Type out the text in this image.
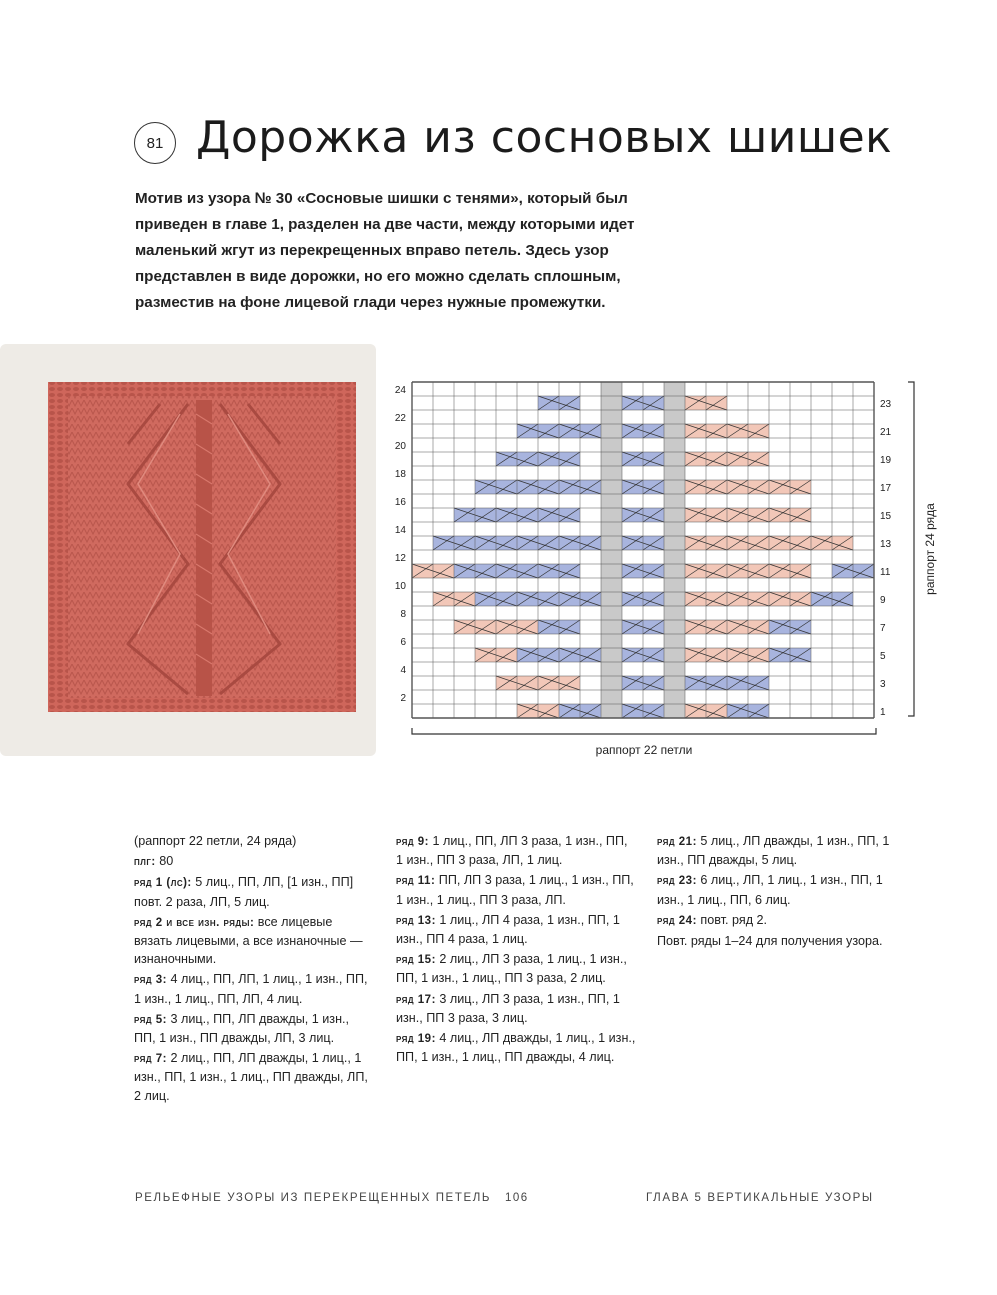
81 Дорожка из сосновых шишек
Мотив из узора № 30 «Сосновые шишки с тенями», который был приведен в главе 1, разделен на две части, между которыми идет маленький жгут из перекрещенных вправо петель. Здесь узор представлен в виде дорожки, но его можно сделать сплошным, разместив на фоне лицевой глади через нужные промежутки.
2
4
6
8
10
12
14
16
18
20
22
24
1
3
5
7
9
11
13
15
17
19
21
23
раппорт 22 петли
раппорт 24 ряда

(раппорт 22 петли, 24 ряда)

плг: 80

ряд 1 (лс): 5 лиц., ПП, ЛП, [1 изн., ПП] повт. 2 раза, ЛП, 5 лиц.

ряд 2 и все изн. ряды: все лицевые вязать лицевыми, а все изнаночные — изнаночными.

ряд 3: 4 лиц., ПП, ЛП, 1 лиц., 1 изн., ПП, 1 изн., 1 лиц., ПП, ЛП, 4 лиц.

ряд 5: 3 лиц., ПП, ЛП дважды, 1 изн., ПП, 1 изн., ПП дважды, ЛП, 3 лиц.

ряд 7: 2 лиц., ПП, ЛП дважды, 1 лиц., 1 изн., ПП, 1 изн., 1 лиц., ПП дважды, ЛП, 2 лиц.

ряд 9: 1 лиц., ПП, ЛП 3 раза, 1 изн., ПП, 1 изн., ПП 3 раза, ЛП, 1 лиц.

ряд 11: ПП, ЛП 3 раза, 1 лиц., 1 изн., ПП, 1 изн., 1 лиц., ПП 3 раза, ЛП.

ряд 13: 1 лиц., ЛП 4 раза, 1 изн., ПП, 1 изн., ПП 4 раза, 1 лиц.

ряд 15: 2 лиц., ЛП 3 раза, 1 лиц., 1 изн., ПП, 1 изн., 1 лиц., ПП 3 раза, 2 лиц.

ряд 17: 3 лиц., ЛП 3 раза, 1 изн., ПП, 1 изн., ПП 3 раза, 3 лиц.

ряд 19: 4 лиц., ЛП дважды, 1 лиц., 1 изн., ПП, 1 изн., 1 лиц., ПП дважды, 4 лиц.

ряд 21: 5 лиц., ЛП дважды, 1 изн., ПП, 1 изн., ПП дважды, 5 лиц.

ряд 23: 6 лиц., ЛП, 1 лиц., 1 изн., ПП, 1 изн., 1 лиц., ПП, 6 лиц.

ряд 24: повт. ряд 2.

Повт. ряды 1–24 для получения узора.

РЕЛЬЕФНЫЕ УЗОРЫ ИЗ ПЕРЕКРЕЩЕННЫХ ПЕТЕЛЬ 106	ГЛАВА 5 ВЕРТИКАЛЬНЫЕ УЗОРЫ
